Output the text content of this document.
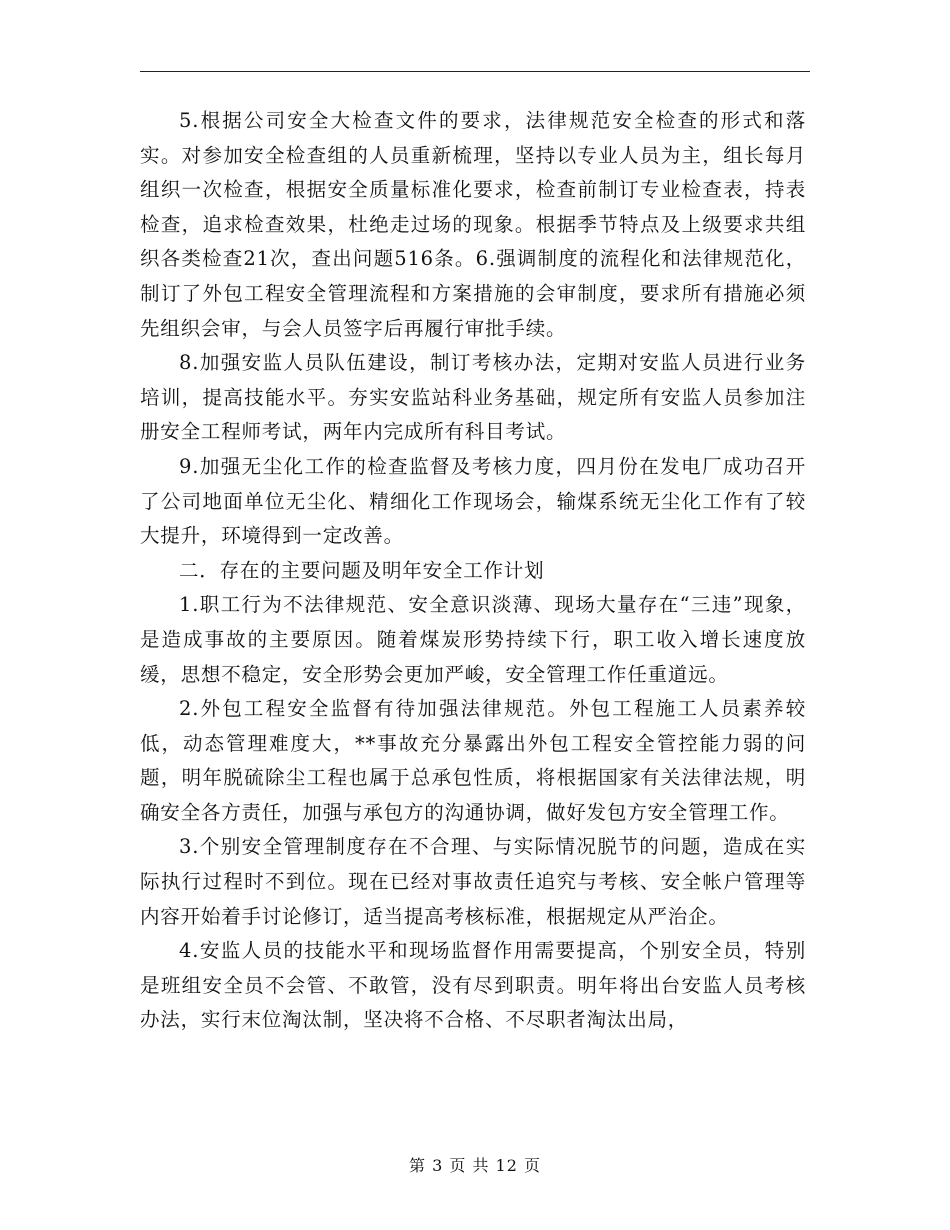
5.根据公司安全大检查文件的要求，法律规范安全检查的形式和落实。对参加安全检查组的人员重新梳理，坚持以专业人员为主，组长每月组织一次检查，根据安全质量标准化要求，检查前制订专业检查表，持表检查，追求检查效果，杜绝走过场的现象。根据季节特点及上级要求共组织各类检查21次，查出问题516条。6.强调制度的流程化和法律规范化，制订了外包工程安全管理流程和方案措施的会审制度，要求所有措施必须先组织会审，与会人员签字后再履行审批手续。

8.加强安监人员队伍建设，制订考核办法，定期对安监人员进行业务培训，提高技能水平。夯实安监站科业务基础，规定所有安监人员参加注册安全工程师考试，两年内完成所有科目考试。

9.加强无尘化工作的检查监督及考核力度，四月份在发电厂成功召开了公司地面单位无尘化、精细化工作现场会，输煤系统无尘化工作有了较大提升，环境得到一定改善。

二．存在的主要问题及明年安全工作计划

1.职工行为不法律规范、安全意识淡薄、现场大量存在“三违”现象，是造成事故的主要原因。随着煤炭形势持续下行，职工收入增长速度放缓，思想不稳定，安全形势会更加严峻，安全管理工作任重道远。

2.外包工程安全监督有待加强法律规范。外包工程施工人员素养较低，动态管理难度大，**事故充分暴露出外包工程安全管控能力弱的问题，明年脱硫除尘工程也属于总承包性质，将根据国家有关法律法规，明确安全各方责任，加强与承包方的沟通协调，做好发包方安全管理工作。

3.个别安全管理制度存在不合理、与实际情况脱节的问题，造成在实际执行过程时不到位。现在已经对事故责任追究与考核、安全帐户管理等内容开始着手讨论修订，适当提高考核标准，根据规定从严治企。

4.安监人员的技能水平和现场监督作用需要提高，个别安全员，特别是班组安全员不会管、不敢管，没有尽到职责。明年将出台安监人员考核办法，实行末位淘汰制，坚决将不合格、不尽职者淘汰出局，

第 3 页 共 12 页
